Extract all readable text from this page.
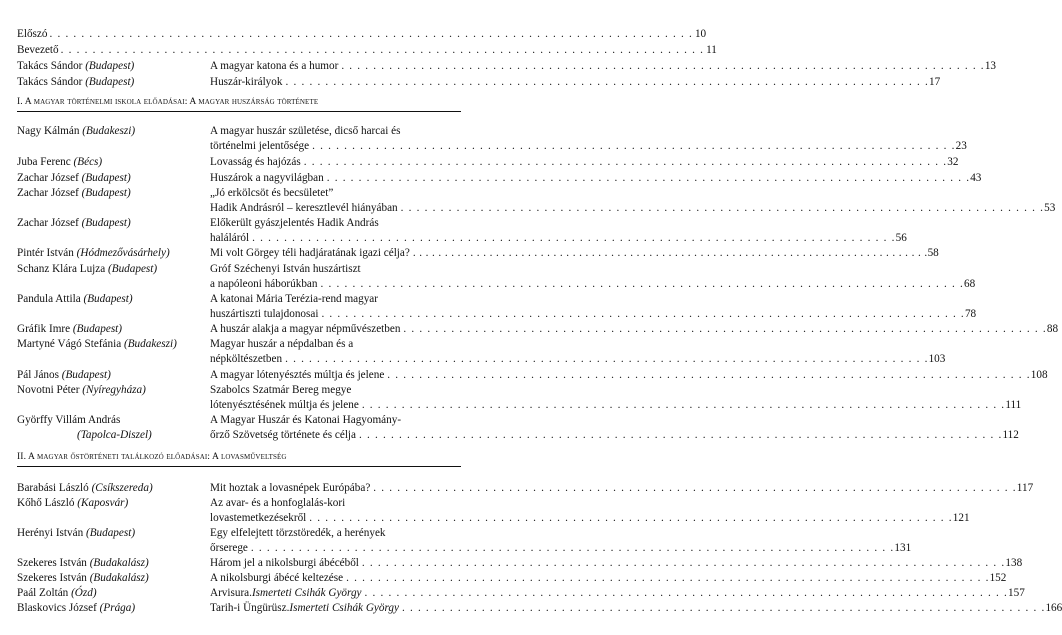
Előszó . . . . . . . . . . . . . . . . . . . . . . . . . . . . . . . . . . . . . . . . . . . . . . . . . . . . . . . . . . . . . . . . . . . . . . . . . . . . . . . . . 10
Bevezető . . . . . . . . . . . . . . . . . . . . . . . . . . . . . . . . . . . . . . . . . . . . . . . . . . . . . . . . . . . . . . . . . . . . . . . . . . . . . . . . . 11
Takács Sándor (Budapest)	A magyar katona és a humor . . . . . . . . . . . . . . . . . . . . . . . . . . . . . . . . . . . . . . . . . . . . . . . . . . . . . . . . . . . . . . . . . . . . . . . . . . . . . . . . . 13
Takács Sándor (Budapest)	Huszár-királyok . . . . . . . . . . . . . . . . . . . . . . . . . . . . . . . . . . . . . . . . . . . . . . . . . . . . . . . . . . . . . . . . . . . . . . . . . . . . . . . . . 17
I. A magyar történelmi iskola előadásai: A magyar huszárság története
Nagy Kálmán (Budakeszi)	A magyar huszár születése, dicső harcai és
történelmi jelentősége . . . . . . . . . . . . . . . . . . . . . . . . . . . . . . . . . . . . . . . . . . . . . . . . . . . . . . . . . . . . . . . . . . . . . . . . . . . . . . . . . 23
Juba Ferenc (Bécs)	Lovasság és hajózás . . . . . . . . . . . . . . . . . . . . . . . . . . . . . . . . . . . . . . . . . . . . . . . . . . . . . . . . . . . . . . . . . . . . . . . . . . . . . . . . . 32
Zachar József (Budapest)	Huszárok a nagyvilágban . . . . . . . . . . . . . . . . . . . . . . . . . . . . . . . . . . . . . . . . . . . . . . . . . . . . . . . . . . . . . . . . . . . . . . . . . . . . . . . . . 43
Zachar József (Budapest)	„Jó erkölcsöt és becsületet”
Hadik Andrásról – keresztlevél hiányában . . . . . . . . . . . . . . . . . . . . . . . . . . . . . . . . . . . . . . . . . . . . . . . . . . . . . . . . . . . . . . . . . . . . . . . . . . . . . . . . . 53
Zachar József (Budapest)	Előkerült gyászjelentés Hadik András
haláláról . . . . . . . . . . . . . . . . . . . . . . . . . . . . . . . . . . . . . . . . . . . . . . . . . . . . . . . . . . . . . . . . . . . . . . . . . . . . . . . . . 56
Pintér István (Hódmezővásárhely)	Mi volt Görgey téli hadjáratának igazi célja? . . . . . . . . . . . . . . . . . . . . . . . . . . . . . . . . . . . . . . . . . . . . . . . . . . . . . . . . . . . . . . . . . . . . . . . . . . . . . . . . . 58
Schanz Klára Lujza (Budapest)	Gróf Széchenyi István huszártiszt
a napóleoni háborúkban . . . . . . . . . . . . . . . . . . . . . . . . . . . . . . . . . . . . . . . . . . . . . . . . . . . . . . . . . . . . . . . . . . . . . . . . . . . . . . . . . 68
Pandula Attila (Budapest)	A katonai Mária Terézia-rend magyar
huszártiszti tulajdonosai . . . . . . . . . . . . . . . . . . . . . . . . . . . . . . . . . . . . . . . . . . . . . . . . . . . . . . . . . . . . . . . . . . . . . . . . . . . . . . . . . 78
Gráfik Imre (Budapest)	A huszár alakja a magyar népművészetben . . . . . . . . . . . . . . . . . . . . . . . . . . . . . . . . . . . . . . . . . . . . . . . . . . . . . . . . . . . . . . . . . . . . . . . . . . . . . . . . . 88
Martyné Vágó Stefánia (Budakeszi)	Magyar huszár a népdalban és a
népköltészetben . . . . . . . . . . . . . . . . . . . . . . . . . . . . . . . . . . . . . . . . . . . . . . . . . . . . . . . . . . . . . . . . . . . . . . . . . . . . . . . . . 103
Pál János (Budapest)	A magyar lótenyésztés múltja és jelene . . . . . . . . . . . . . . . . . . . . . . . . . . . . . . . . . . . . . . . . . . . . . . . . . . . . . . . . . . . . . . . . . . . . . . . . . . . . . . . . . 108
Novotni Péter (Nyíregyháza)	Szabolcs Szatmár Bereg megye
lótenyésztésének múltja és jelene . . . . . . . . . . . . . . . . . . . . . . . . . . . . . . . . . . . . . . . . . . . . . . . . . . . . . . . . . . . . . . . . . . . . . . . . . . . . . . . . . 111
Györffy Villám András	A Magyar Huszár és Katonai Hagyomány-
(Tapolca-Diszel)	őrző Szövetség története és célja . . . . . . . . . . . . . . . . . . . . . . . . . . . . . . . . . . . . . . . . . . . . . . . . . . . . . . . . . . . . . . . . . . . . . . . . . . . . . . . . . 112
II. A magyar őstörténeti találkozó előadásai: A lovasműveltség
Barabási László (Csíkszereda)	Mit hoztak a lovasnépek Európába? . . . . . . . . . . . . . . . . . . . . . . . . . . . . . . . . . . . . . . . . . . . . . . . . . . . . . . . . . . . . . . . . . . . . . . . . . . . . . . . . . 117
Kőhő László (Kaposvár)	Az avar- és a honfoglalás-kori
lovastemetkezésekről . . . . . . . . . . . . . . . . . . . . . . . . . . . . . . . . . . . . . . . . . . . . . . . . . . . . . . . . . . . . . . . . . . . . . . . . . . . . . . . . . 121
Herényi István (Budapest)	Egy elfelejtett törzstöredék, a herények
őrserege . . . . . . . . . . . . . . . . . . . . . . . . . . . . . . . . . . . . . . . . . . . . . . . . . . . . . . . . . . . . . . . . . . . . . . . . . . . . . . . . . 131
Szekeres István (Budakalász)	Három jel a nikolsburgi ábécéből . . . . . . . . . . . . . . . . . . . . . . . . . . . . . . . . . . . . . . . . . . . . . . . . . . . . . . . . . . . . . . . . . . . . . . . . . . . . . . . . . 138
Szekeres István (Budakalász)	A nikolsburgi ábécé keltezése . . . . . . . . . . . . . . . . . . . . . . . . . . . . . . . . . . . . . . . . . . . . . . . . . . . . . . . . . . . . . . . . . . . . . . . . . . . . . . . . . 152
Paál Zoltán (Ózd)	Arvisura. Ismerteti Csihák György . . . . . . . . . . . . . . . . . . . . . . . . . . . . . . . . . . . . . . . . . . . . . . . . . . . . . . . . . . . . . . . . . . . . . . . . . . . . . . . . . 157
Blaskovics József (Prága)	Tarih-i Üngürüsz. Ismerteti Csihák György . . . . . . . . . . . . . . . . . . . . . . . . . . . . . . . . . . . . . . . . . . . . . . . . . . . . . . . . . . . . . . . . . . . . . . . . . . . . . . . . . 166
